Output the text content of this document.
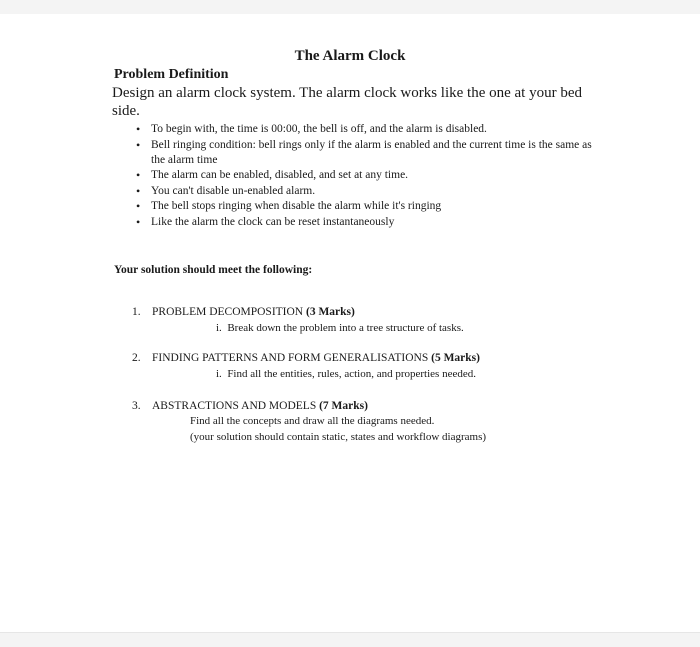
The Alarm Clock
Problem Definition
Design an alarm clock system. The alarm clock works like the one at your bed side.
• To begin with, the time is 00:00, the bell is off, and the alarm is disabled.
• Bell ringing condition: bell rings only if the alarm is enabled and the current time is the same as the alarm time
• The alarm can be enabled, disabled, and set at any time.
• You can't disable un-enabled alarm.
• The bell stops ringing when disable the alarm while it's ringing
• Like the alarm the clock can be reset instantaneously
Your solution should meet the following:
1. PROBLEM DECOMPOSITION (3 Marks)
i. Break down the problem into a tree structure of tasks.
2. FINDING PATTERNS AND FORM GENERALISATIONS (5 Marks)
i. Find all the entities, rules, action, and properties needed.
3. ABSTRACTIONS AND MODELS (7 Marks)
Find all the concepts and draw all the diagrams needed.
(your solution should contain static, states and workflow diagrams)
